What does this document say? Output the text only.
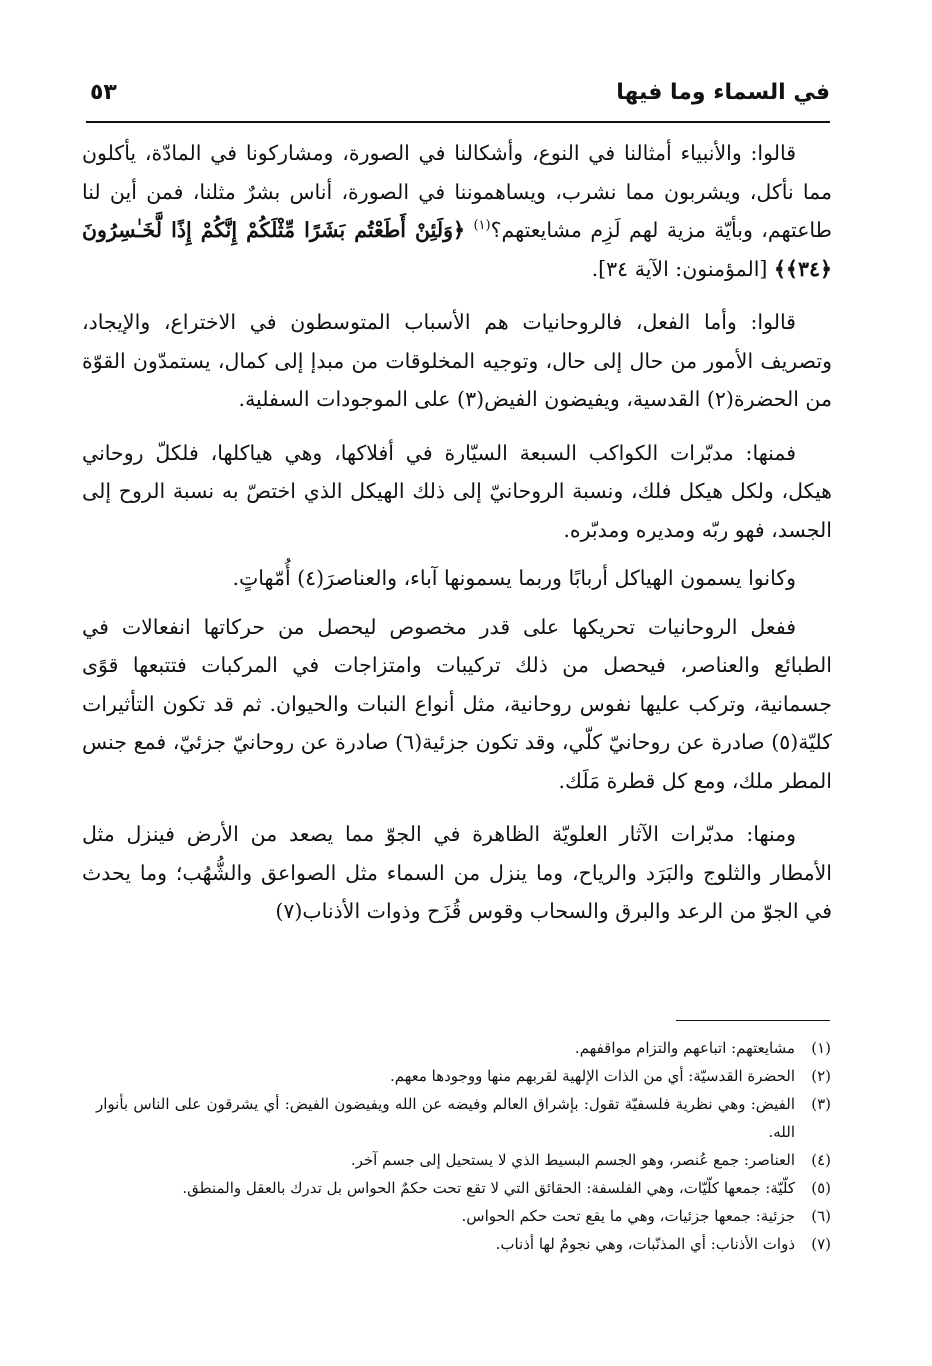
في السماء وما فيها
٥٣

قالوا: والأنبياء أمثالنا في النوع، وأشكالنا في الصورة، ومشاركونا في المادّة، يأكلون مما نأكل، ويشربون مما نشرب، ويساهموننا في الصورة، أناس بشرٌ مثلنا، فمن أين لنا طاعتهم، وبأيّة مزية لهم لَزِم مشايعتهم؟$^{(١)}$ ﴿وَلَئِنْ أَطَعْتُم بَشَرًا مِّثْلَكُمْ إِنَّكُمْ إِذًا لَّخَـٰسِرُونَ ﴿٣٤﴾﴾ [المؤمنون: الآية ٣٤].

قالوا: وأما الفعل، فالروحانيات هم الأسباب المتوسطون في الاختراع، والإيجاد، وتصريف الأمور من حال إلى حال، وتوجيه المخلوقات من مبدإ إلى كمال، يستمدّون القوّة من الحضرة(٢) القدسية، ويفيضون الفيض(٣) على الموجودات السفلية.

فمنها: مدبّرات الكواكب السبعة السيّارة في أفلاكها، وهي هياكلها، فلكلّ روحاني هيكل، ولكل هيكل فلك، ونسبة الروحانيّ إلى ذلك الهيكل الذي اختصّ به نسبة الروح إلى الجسد، فهو ربّه ومديره ومدبّره.

وكانوا يسمون الهياكل أربابًا وربما يسمونها آباء، والعناصرَ(٤) أُمّهاتٍ.

ففعل الروحانيات تحريكها على قدر مخصوص ليحصل من حركاتها انفعالات في الطبائع والعناصر، فيحصل من ذلك تركيبات وامتزاجات في المركبات فتتبعها قوًى جسمانية، وتركب عليها نفوس روحانية، مثل أنواع النبات والحيوان. ثم قد تكون التأثيرات كليّة(٥) صادرة عن روحانيّ كلّي، وقد تكون جزئية(٦) صادرة عن روحانيّ جزئيّ، فمع جنس المطر ملك، ومع كل قطرة مَلَك.

ومنها: مدبّرات الآثار العلويّة الظاهرة في الجوّ مما يصعد من الأرض فينزل مثل الأمطار والثلوج والبَرَد والرياح، وما ينزل من السماء مثل الصواعق والشُّهُب؛ وما يحدث في الجوّ من الرعد والبرق والسحاب وقوس قُزَح وذوات الأذناب(٧)

(١)
مشايعتهم: اتباعهم والتزام مواقفهم.
(٢)
الحضرة القدسيّة: أي من الذات الإلهية لقربهم منها ووجودها معهم.
(٣)
الفيض: وهي نظرية فلسفيّة تقول: بإشراق العالم وفيضه عن الله ويفيضون الفيض: أي يشرقون على الناس بأنوار الله.
(٤)
العناصر: جمع عُنصر، وهو الجسم البسيط الذي لا يستحيل إلى جسم آخر.
(٥)
كلّيّة: جمعها كلّيّات، وهي الفلسفة: الحقائق التي لا تقع تحت حكمٌ الحواس بل تدرك بالعقل والمنطق.
(٦)
جزئية: جمعها جزئيات، وهي ما يقع تحت حكم الحواس.
(٧)
ذوات الأذناب: أي المذنّبات، وهي نجومٌ لها أذناب.
